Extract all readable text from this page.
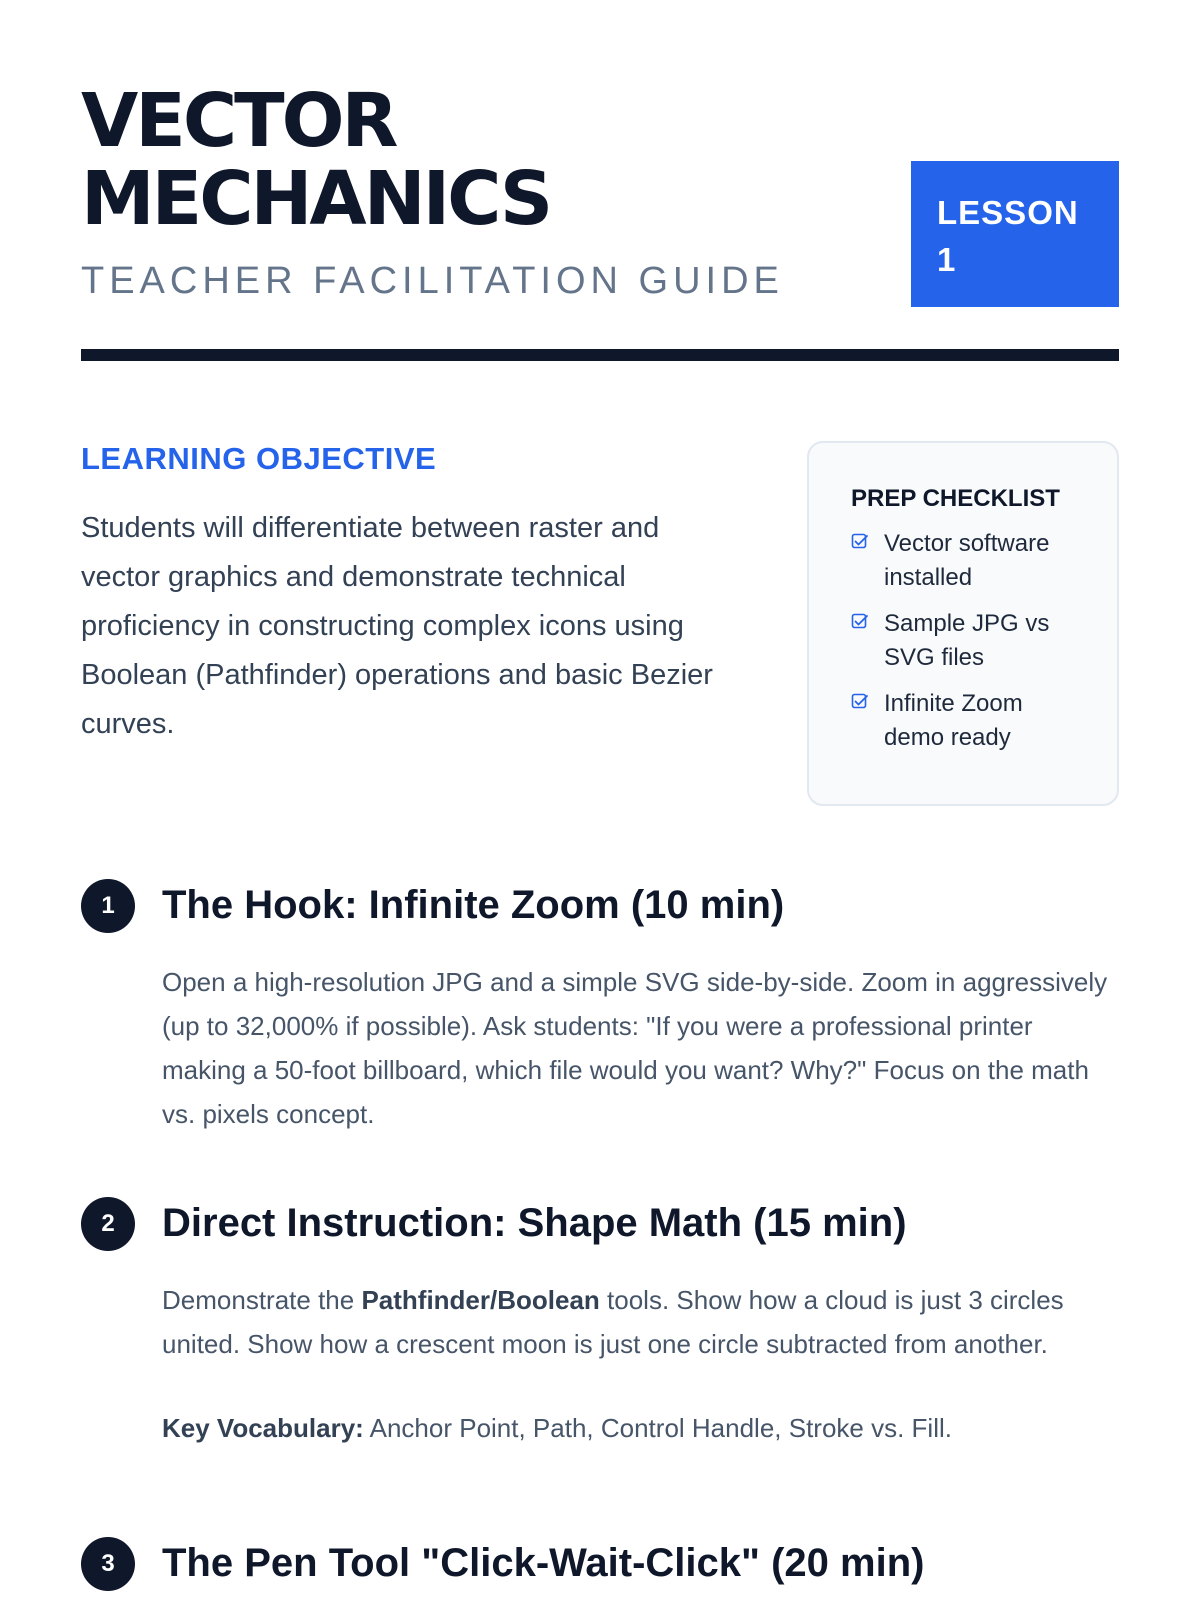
VECTOR
MECHANICS
TEACHER FACILITATION GUIDE
LESSON
1
LEARNING OBJECTIVE

Students will differentiate between raster and vector graphics and demonstrate technical proficiency in constructing complex icons using Boolean (Pathfinder) operations and basic Bezier curves.

PREP CHECKLIST
Vector software installed
Sample JPG vs SVG files
Infinite Zoom demo ready
1	The Hook: Infinite Zoom (10 min)

Open a high-resolution JPG and a simple SVG side-by-side. Zoom in aggressively (up to 32,000% if possible). Ask students: "If you were a professional printer making a 50-foot billboard, which file would you want? Why?" Focus on the math vs. pixels concept.

2	Direct Instruction: Shape Math (15 min)

Demonstrate the Pathfinder/Boolean tools. Show how a cloud is just 3 circles united. Show how a crescent moon is just one circle subtracted from another.

Key Vocabulary: Anchor Point, Path, Control Handle, Stroke vs. Fill.

3	The Pen Tool "Click-Wait-Click" (20 min)
